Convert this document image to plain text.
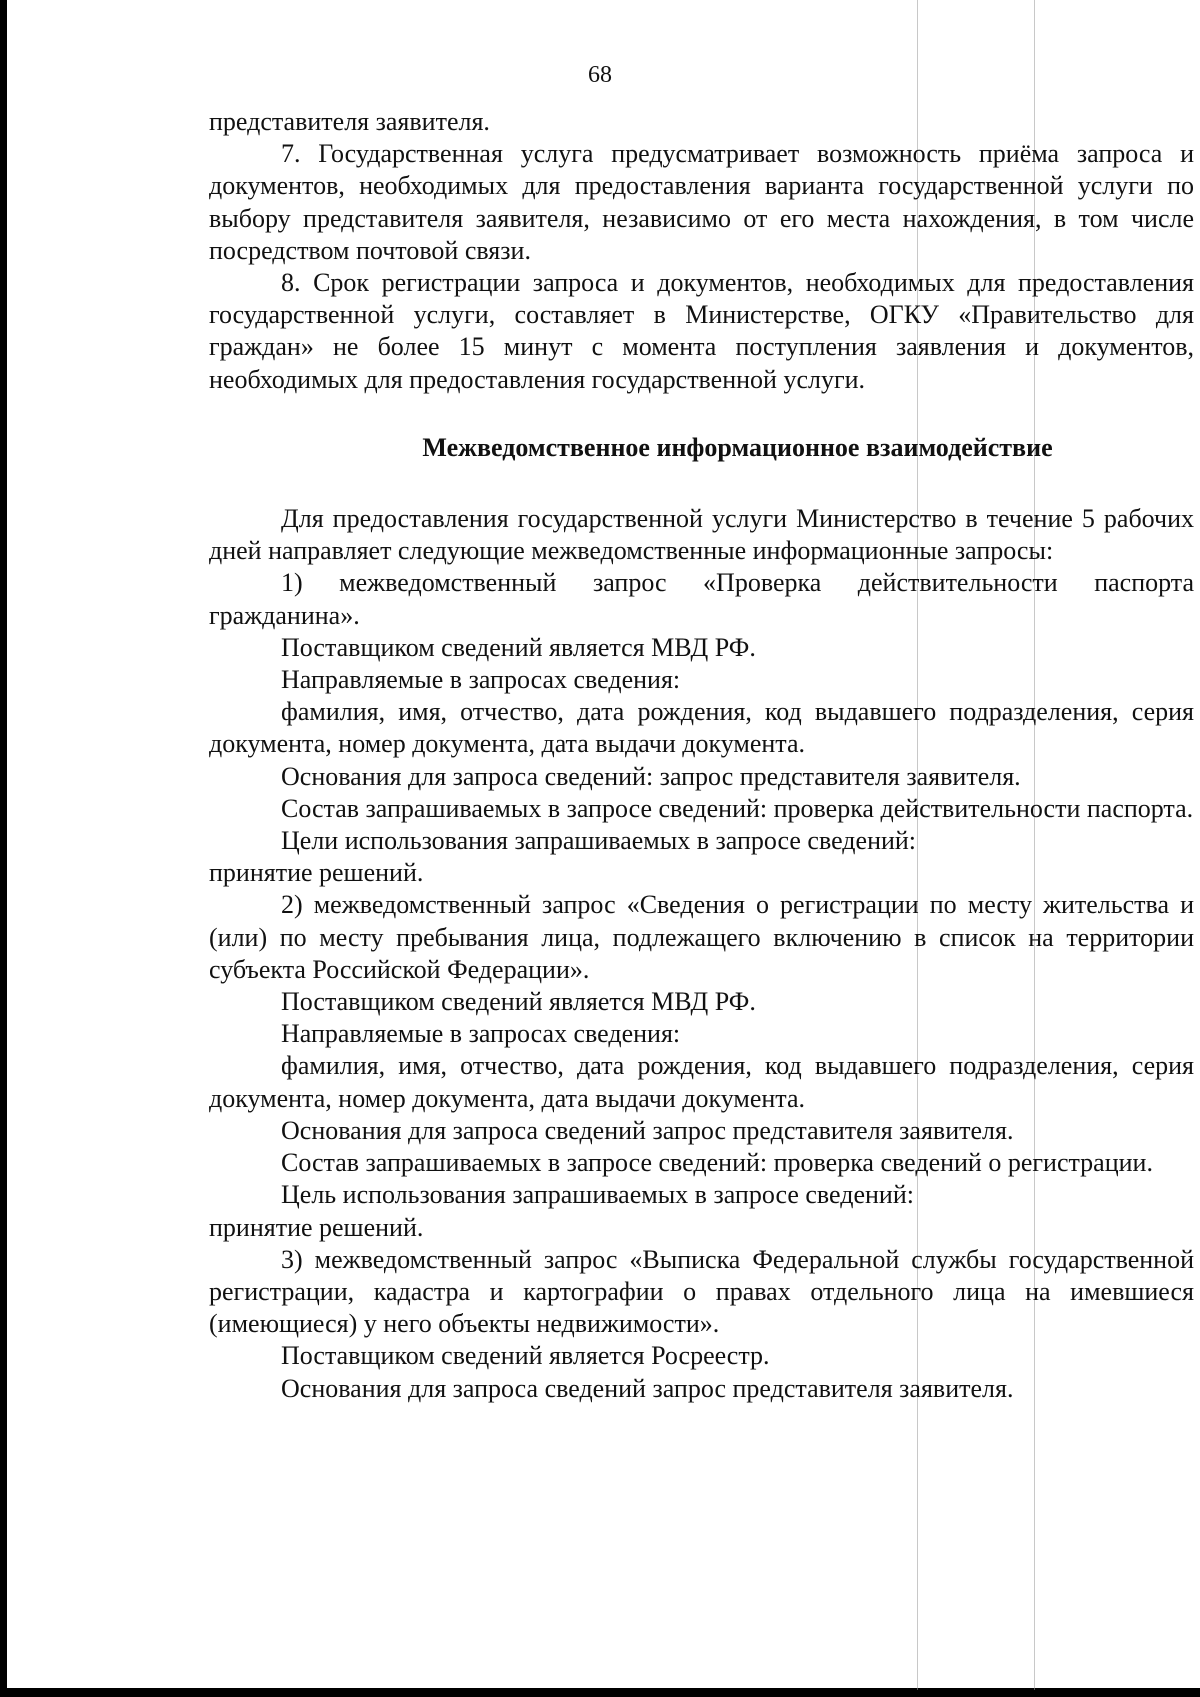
68

представителя заявителя.

7. Государственная услуга предусматривает возможность приёма запроса и документов, необходимых для предоставления варианта государственной услуги по выбору представителя заявителя, независимо от его места нахождения, в том числе посредством почтовой связи.

8. Срок регистрации запроса и документов, необходимых для предоставления государственной услуги, составляет в Министерстве, ОГКУ «Правительство для граждан» не более 15 минут с момента поступления заявления и документов, необходимых для предоставления государственной услуги.

Межведомственное информационное взаимодействие

Для предоставления государственной услуги Министерство в течение 5 рабочих дней направляет следующие межведомственные информационные запросы:

1) межведомственный запрос «Проверка действительности паспорта гражданина».

Поставщиком сведений является МВД РФ.

Направляемые в запросах сведения:

фамилия, имя, отчество, дата рождения, код выдавшего подразделения, серия документа, номер документа, дата выдачи документа.

Основания для запроса сведений: запрос представителя заявителя.

Состав запрашиваемых в запросе сведений: проверка действительности паспорта.

Цели использования запрашиваемых в запросе сведений:

принятие решений.

2) межведомственный запрос «Сведения о регистрации по месту жительства и (или) по месту пребывания лица, подлежащего включению в список на территории субъекта Российской Федерации».

Поставщиком сведений является МВД РФ.

Направляемые в запросах сведения:

фамилия, имя, отчество, дата рождения, код выдавшего подразделения, серия документа, номер документа, дата выдачи документа.

Основания для запроса сведений запрос представителя заявителя.

Состав запрашиваемых в запросе сведений: проверка сведений о регистрации.

Цель использования запрашиваемых в запросе сведений:

принятие решений.

3) межведомственный запрос «Выписка Федеральной службы государственной регистрации, кадастра и картографии о правах отдельного лица на имевшиеся (имеющиеся) у него объекты недвижимости».

Поставщиком сведений является Росреестр.

Основания для запроса сведений запрос представителя заявителя.
